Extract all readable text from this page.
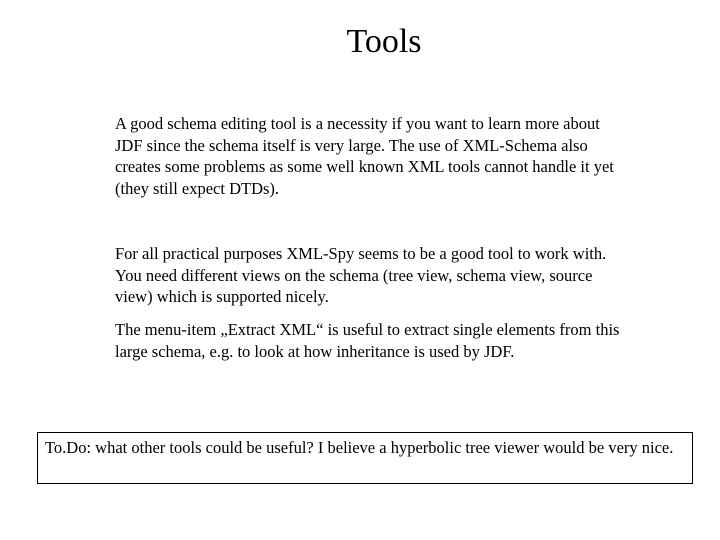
Tools

A good schema editing tool is a necessity if you want to learn more about JDF since the schema itself is very large. The use of XML-Schema also creates some problems as some well known XML tools cannot handle it yet (they still expect DTDs).

For all practical purposes XML-Spy seems to be a good tool to work with. You need different views on the schema (tree view, schema view, source view) which is supported nicely.

The menu-item „Extract XML“ is useful to extract single elements from this large schema, e.g. to look at how inheritance is used by JDF.

To.Do: what other tools could be useful? I believe a hyperbolic tree viewer would be very nice.
